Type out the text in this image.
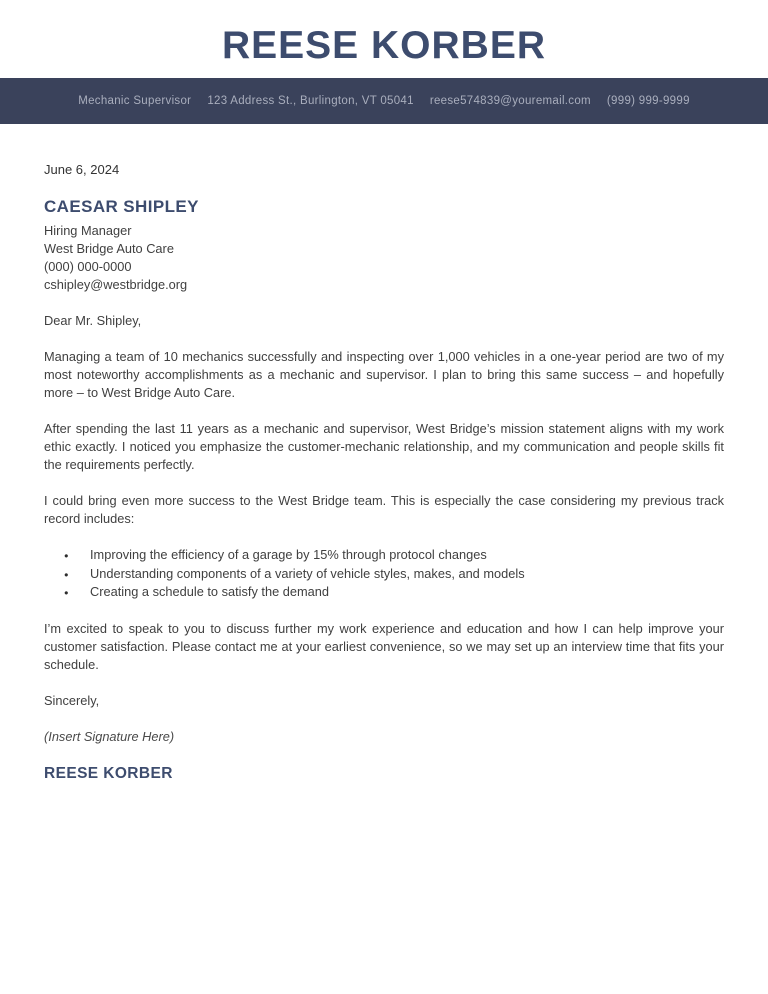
REESE KORBER
Mechanic Supervisor 123 Address St., Burlington, VT 05041 reese574839@youremail.com (999) 999-9999

June 6, 2024

CAESAR SHIPLEY

Hiring Manager

West Bridge Auto Care

(000) 000-0000

cshipley@westbridge.org

Dear Mr. Shipley,

Managing a team of 10 mechanics successfully and inspecting over 1,000 vehicles in a one-year period are two of my most noteworthy accomplishments as a mechanic and supervisor. I plan to bring this same success – and hopefully more – to West Bridge Auto Care.

After spending the last 11 years as a mechanic and supervisor, West Bridge’s mission statement aligns with my work ethic exactly. I noticed you emphasize the customer-mechanic relationship, and my communication and people skills fit the requirements perfectly.

I could bring even more success to the West Bridge team. This is especially the case considering my previous track record includes:

● Improving the efficiency of a garage by 15% through protocol changes
● Understanding components of a variety of vehicle styles, makes, and models
● Creating a schedule to satisfy the demand

I’m excited to speak to you to discuss further my work experience and education and how I can help improve your customer satisfaction. Please contact me at your earliest convenience, so we may set up an interview time that fits your schedule.

Sincerely,

(Insert Signature Here)

REESE KORBER
